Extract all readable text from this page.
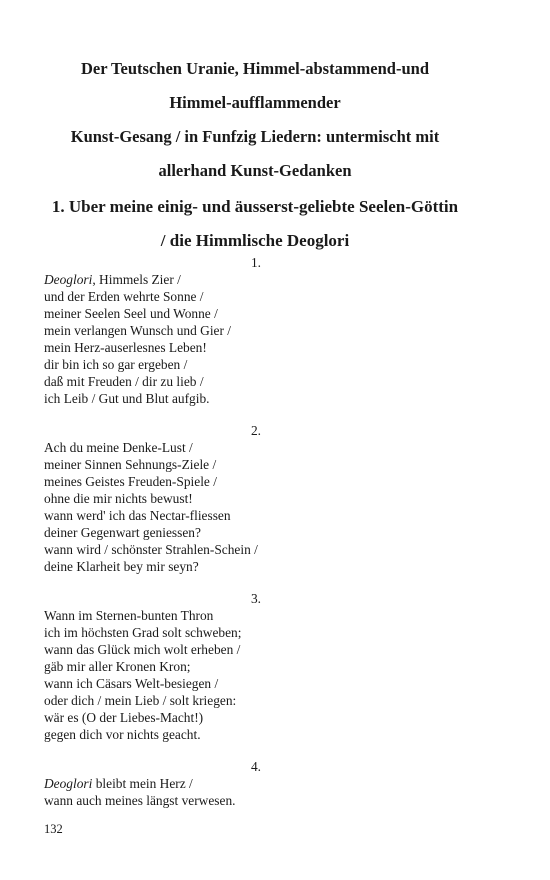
Der Teutschen Uranie, Himmel-abstammend-und
Himmel-aufflammender
Kunst-Gesang / in Funfzig Liedern: untermischt mit
allerhand Kunst-Gedanken
1. Uber meine einig- und äusserst-geliebte Seelen-Göttin
/ die Himmlische Deoglori
1.
Deoglori, Himmels Zier /
und der Erden wehrte Sonne /
meiner Seelen Seel und Wonne /
mein verlangen Wunsch und Gier /
mein Herz-auserlesnes Leben!
dir bin ich so gar ergeben /
daß mit Freuden / dir zu lieb /
ich Leib / Gut und Blut aufgib.
2.
Ach du meine Denke-Lust /
meiner Sinnen Sehnungs-Ziele /
meines Geistes Freuden-Spiele /
ohne die mir nichts bewust!
wann werd' ich das Nectar-fliessen
deiner Gegenwart geniessen?
wann wird / schönster Strahlen-Schein /
deine Klarheit bey mir seyn?
3.
Wann im Sternen-bunten Thron
ich im höchsten Grad solt schweben;
wann das Glück mich wolt erheben /
gäb mir aller Kronen Kron;
wann ich Cäsars Welt-besiegen /
oder dich / mein Lieb / solt kriegen:
wär es (O der Liebes-Macht!)
gegen dich vor nichts geacht.
4.
Deoglori bleibt mein Herz /
wann auch meines längst verwesen.
132
